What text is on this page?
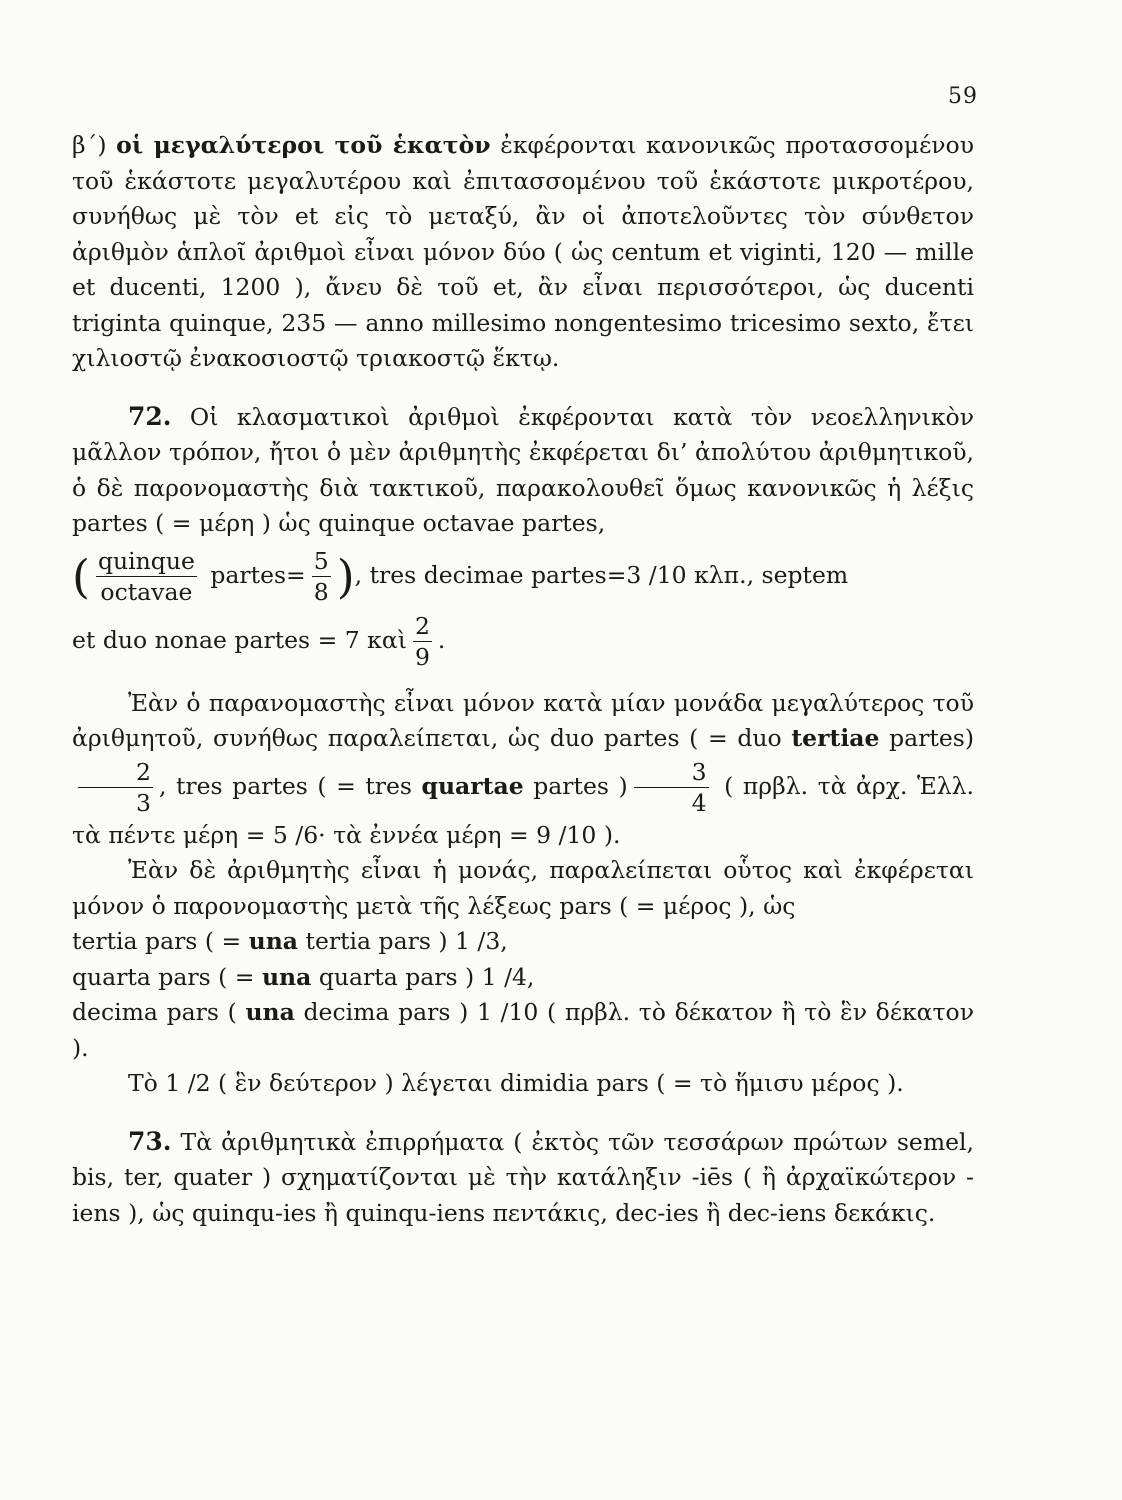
59

β΄) οἱ μεγαλύτεροι τοῦ ἑκατὸν ἐκφέρονται κανονικῶς προτασσομένου τοῦ ἑκάστοτε μεγαλυτέρου καὶ ἐπιτασσομένου τοῦ ἑκάστοτε μικροτέρου, συνήθως μὲ τὸν et εἰς τὸ μεταξύ, ἂν οἱ ἀποτελοῦντες τὸν σύνθετον ἀριθμὸν ἁπλοῖ ἀριθμοὶ εἶναι μόνον δύο ( ὡς centum et viginti, 120 — mille et ducenti, 1200 ), ἄνευ δὲ τοῦ et, ἂν εἶναι περισσότεροι, ὡς ducenti triginta quinque, 235 — anno millesimo nongentesimo tricesimo sexto, ἔτει χιλιοστῷ ἐνακοσιοστῷ τριακοστῷ ἕκτῳ.

72. Οἱ κλασματικοὶ ἀριθμοὶ ἐκφέρονται κατὰ τὸν νεοελληνικὸν μᾶλλον τρόπον, ἤτοι ὁ μὲν ἀριθμητὴς ἐκφέρεται δι’ ἀπολύτου ἀριθμητικοῦ, ὁ δὲ παρονομαστὴς διὰ τακτικοῦ, παρακολουθεῖ ὅμως κανονικῶς ἡ λέξις partes ( = μέρη ) ὡς quinque octavae partes,

( $\frac{\text{quinque}}{\text{octavae}}$ partes= $\frac{5}{8}$ ), tres decimae partes=3 /10 κλπ., septem

et duo nonae partes = 7 καὶ $\frac{2}{9}$ .

Ἐὰν ὁ παρανομαστὴς εἶναι μόνον κατὰ μίαν μονάδα μεγαλύτερος τοῦ ἀριθμητοῦ, συνήθως παραλείπεται, ὡς duo partes ( = duo tertiae partes)
$\frac{2}{3}$ , tres partes ( = tres quartae partes ) $\frac{3}{4}$ ( πρβλ. τὰ ἀρχ. Ἑλλ. τὰ πέντε μέρη = 5 /6· τὰ ἐννέα μέρη = 9 /10 ).

Ἐὰν δὲ ἀριθμητὴς εἶναι ἡ μονάς, παραλείπεται οὗτος καὶ ἐκφέρεται μόνον ὁ παρονομαστὴς μετὰ τῆς λέξεως pars ( = μέρος ), ὡς

tertia pars ( = una tertia pars ) 1 /3,

quarta pars ( = una quarta pars ) 1 /4,

decima pars ( una decima pars ) 1 /10 ( πρβλ. τὸ δέκατον ἢ τὸ ἓν δέκατον ).

Τὸ 1 /2 ( ἓν δεύτερον ) λέγεται dimidia pars ( = τὸ ἥμισυ μέρος ).

73. Τὰ ἀριθμητικὰ ἐπιρρήματα ( ἐκτὸς τῶν τεσσάρων πρώτων semel, bis, ter, quater ) σχηματίζονται μὲ τὴν κατάληξιν -iēs ( ἢ ἀρχαϊκώτερον -iens ), ὡς quinqu-ies ἢ quinqu-iens πεντάκις, dec-ies ἢ dec-iens δεκάκις.
